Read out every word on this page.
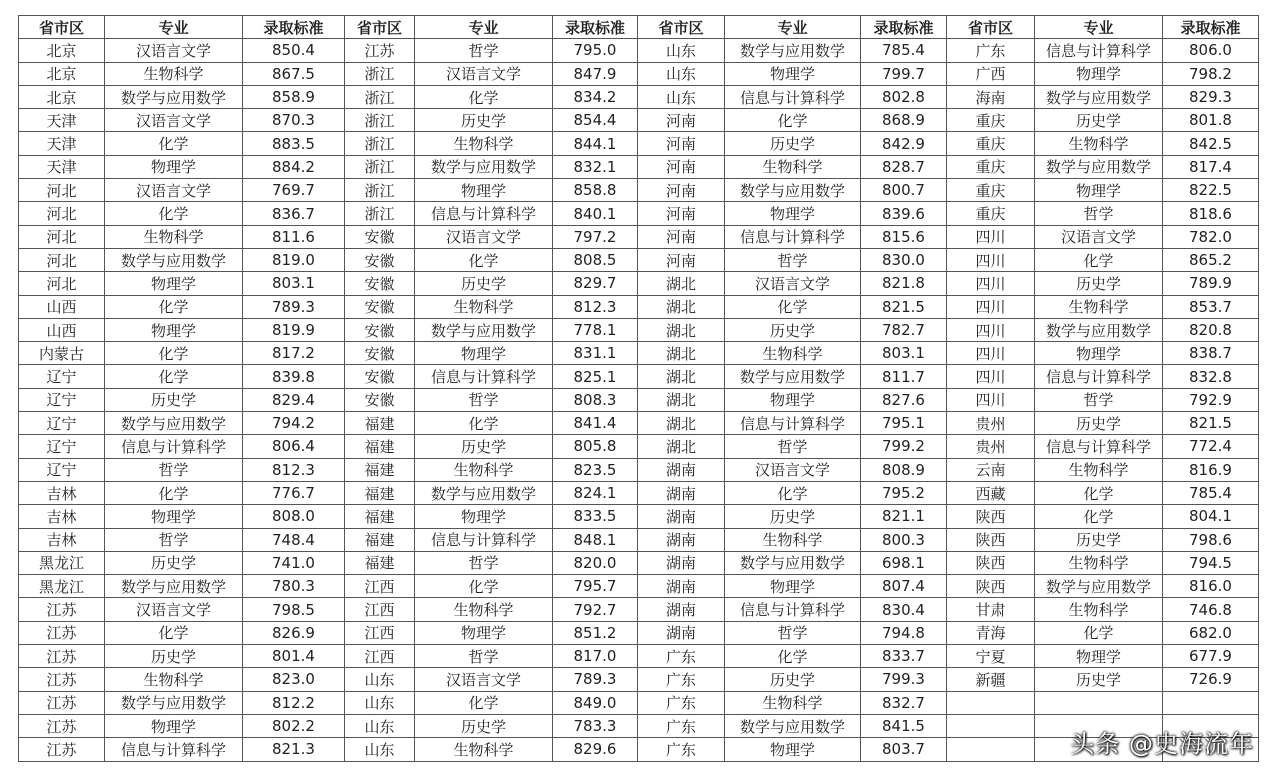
省市区	专业	录取标准	省市区	专业	录取标准	省市区	专业	录取标准	省市区	专业	录取标准
北京	汉语言文学	850.4	江苏	哲学	795.0	山东	数学与应用数学	785.4	广东	信息与计算科学	806.0
北京	生物科学	867.5	浙江	汉语言文学	847.9	山东	物理学	799.7	广西	物理学	798.2
北京	数学与应用数学	858.9	浙江	化学	834.2	山东	信息与计算科学	802.8	海南	数学与应用数学	829.3
天津	汉语言文学	870.3	浙江	历史学	854.4	河南	化学	868.9	重庆	历史学	801.8
天津	化学	883.5	浙江	生物科学	844.1	河南	历史学	842.9	重庆	生物科学	842.5
天津	物理学	884.2	浙江	数学与应用数学	832.1	河南	生物科学	828.7	重庆	数学与应用数学	817.4
河北	汉语言文学	769.7	浙江	物理学	858.8	河南	数学与应用数学	800.7	重庆	物理学	822.5
河北	化学	836.7	浙江	信息与计算科学	840.1	河南	物理学	839.6	重庆	哲学	818.6
河北	生物科学	811.6	安徽	汉语言文学	797.2	河南	信息与计算科学	815.6	四川	汉语言文学	782.0
河北	数学与应用数学	819.0	安徽	化学	808.5	河南	哲学	830.0	四川	化学	865.2
河北	物理学	803.1	安徽	历史学	829.7	湖北	汉语言文学	821.8	四川	历史学	789.9
山西	化学	789.3	安徽	生物科学	812.3	湖北	化学	821.5	四川	生物科学	853.7
山西	物理学	819.9	安徽	数学与应用数学	778.1	湖北	历史学	782.7	四川	数学与应用数学	820.8
内蒙古	化学	817.2	安徽	物理学	831.1	湖北	生物科学	803.1	四川	物理学	838.7
辽宁	化学	839.8	安徽	信息与计算科学	825.1	湖北	数学与应用数学	811.7	四川	信息与计算科学	832.8
辽宁	历史学	829.4	安徽	哲学	808.3	湖北	物理学	827.6	四川	哲学	792.9
辽宁	数学与应用数学	794.2	福建	化学	841.4	湖北	信息与计算科学	795.1	贵州	历史学	821.5
辽宁	信息与计算科学	806.4	福建	历史学	805.8	湖北	哲学	799.2	贵州	信息与计算科学	772.4
辽宁	哲学	812.3	福建	生物科学	823.5	湖南	汉语言文学	808.9	云南	生物科学	816.9
吉林	化学	776.7	福建	数学与应用数学	824.1	湖南	化学	795.2	西藏	化学	785.4
吉林	物理学	808.0	福建	物理学	833.5	湖南	历史学	821.1	陕西	化学	804.1
吉林	哲学	748.4	福建	信息与计算科学	848.1	湖南	生物科学	800.3	陕西	历史学	798.6
黑龙江	历史学	741.0	福建	哲学	820.0	湖南	数学与应用数学	698.1	陕西	生物科学	794.5
黑龙江	数学与应用数学	780.3	江西	化学	795.7	湖南	物理学	807.4	陕西	数学与应用数学	816.0
江苏	汉语言文学	798.5	江西	生物科学	792.7	湖南	信息与计算科学	830.4	甘肃	生物科学	746.8
江苏	化学	826.9	江西	物理学	851.2	湖南	哲学	794.8	青海	化学	682.0
江苏	历史学	801.4	江西	哲学	817.0	广东	化学	833.7	宁夏	物理学	677.9
江苏	生物科学	823.0	山东	汉语言文学	789.3	广东	历史学	799.3	新疆	历史学	726.9
江苏	数学与应用数学	812.2	山东	化学	849.0	广东	生物科学	832.7			
江苏	物理学	802.2	山东	历史学	783.3	广东	数学与应用数学	841.5			
江苏	信息与计算科学	821.3	山东	生物科学	829.6	广东	物理学	803.7				头条 @史海流年
